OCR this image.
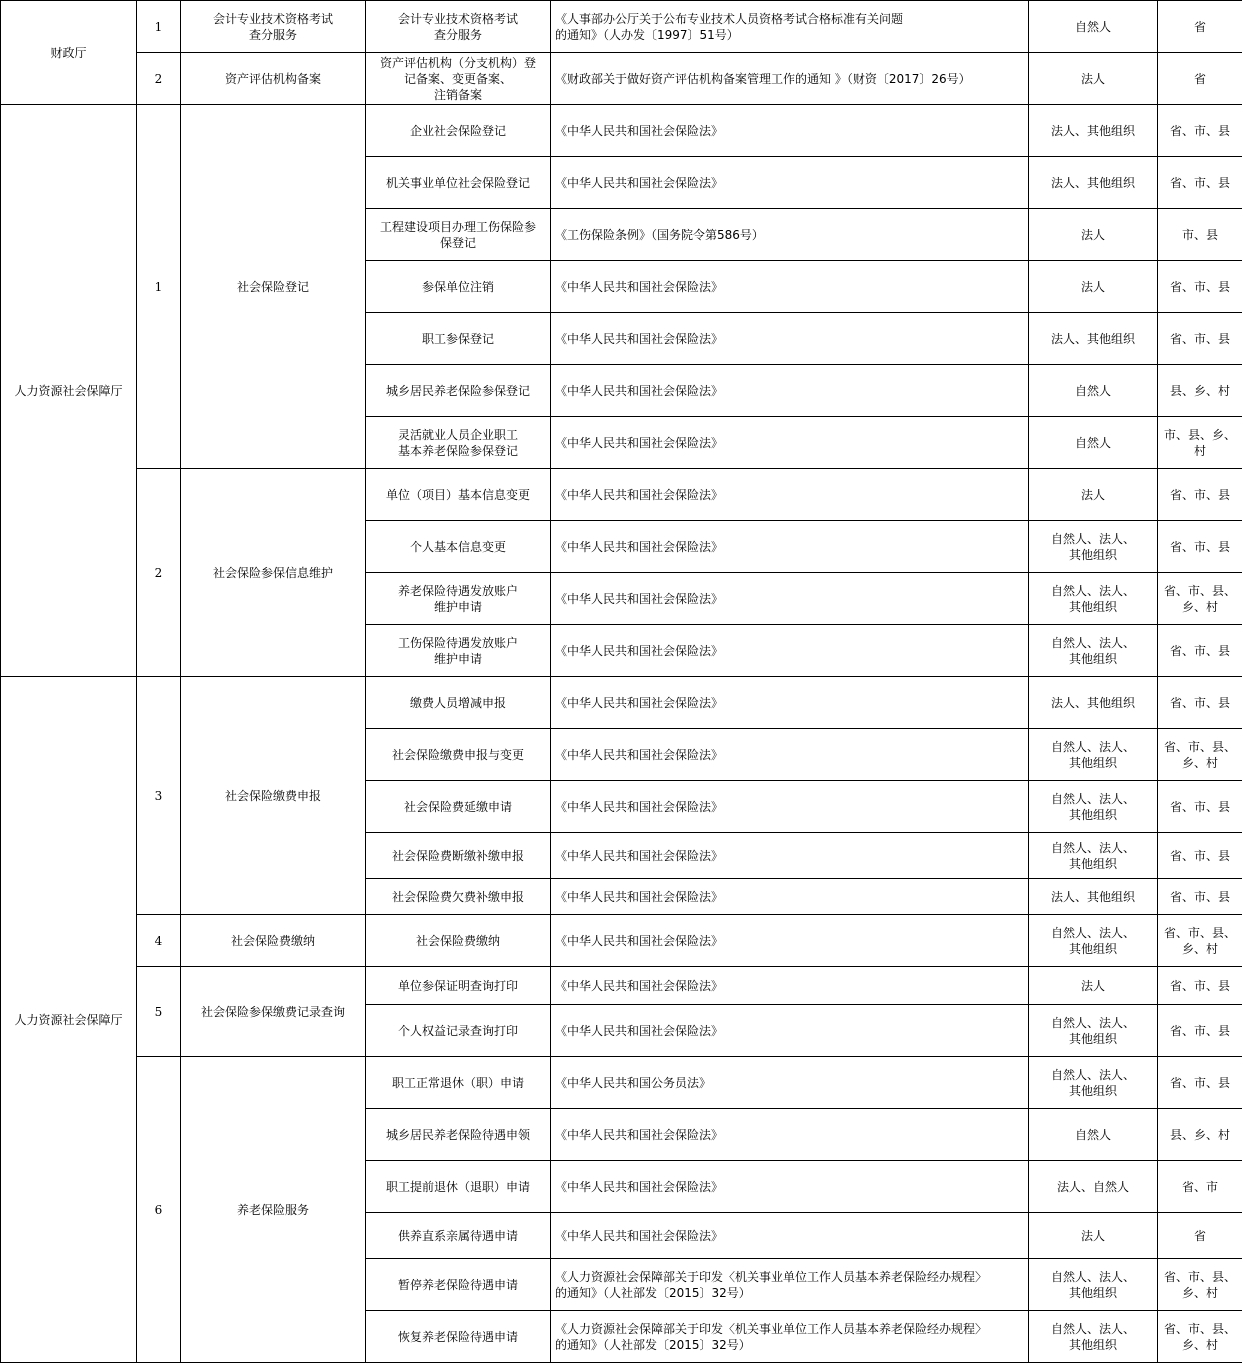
财政厅	1	会计专业技术资格考试
查分服务	会计专业技术资格考试
查分服务	《人事部办公厅关于公布专业技术人员资格考试合格标准有关问题
的通知》（人办发〔1997〕51号）	自然人	省
	2	资产评估机构备案	资产评估机构（分支机构）登
记备案、变更备案、
注销备案	《财政部关于做好资产评估机构备案管理工作的通知 》（财资〔2017〕26号）	法人	省
人力资源社会保障厅	1	社会保险登记	企业社会保险登记	《中华人民共和国社会保险法》	法人、其他组织	省、市、县
			机关事业单位社会保险登记	《中华人民共和国社会保险法》	法人、其他组织	省、市、县
			工程建设项目办理工伤保险参
保登记	《工伤保险条例》（国务院令第586号）	法人	市、县
			参保单位注销	《中华人民共和国社会保险法》	法人	省、市、县
			职工参保登记	《中华人民共和国社会保险法》	法人、其他组织	省、市、县
			城乡居民养老保险参保登记	《中华人民共和国社会保险法》	自然人	县、乡、村
			灵活就业人员企业职工
基本养老保险参保登记	《中华人民共和国社会保险法》	自然人	市、县、乡、
村
	2	社会保险参保信息维护	单位（项目）基本信息变更	《中华人民共和国社会保险法》	法人	省、市、县
			个人基本信息变更	《中华人民共和国社会保险法》	自然人、法人、
其他组织	省、市、县
			养老保险待遇发放账户
维护申请	《中华人民共和国社会保险法》	自然人、法人、
其他组织	省、市、县、
乡、村
			工伤保险待遇发放账户
维护申请	《中华人民共和国社会保险法》	自然人、法人、
其他组织	省、市、县
人力资源社会保障厅	3	社会保险缴费申报	缴费人员增减申报	《中华人民共和国社会保险法》	法人、其他组织	省、市、县
			社会保险缴费申报与变更	《中华人民共和国社会保险法》	自然人、法人、
其他组织	省、市、县、
乡、村
			社会保险费延缴申请	《中华人民共和国社会保险法》	自然人、法人、
其他组织	省、市、县
			社会保险费断缴补缴申报	《中华人民共和国社会保险法》	自然人、法人、
其他组织	省、市、县
			社会保险费欠费补缴申报	《中华人民共和国社会保险法》	法人、其他组织	省、市、县
	4	社会保险费缴纳	社会保险费缴纳	《中华人民共和国社会保险法》	自然人、法人、
其他组织	省、市、县、
乡、村
	5	社会保险参保缴费记录查询	单位参保证明查询打印	《中华人民共和国社会保险法》	法人	省、市、县
			个人权益记录查询打印	《中华人民共和国社会保险法》	自然人、法人、
其他组织	省、市、县
	6	养老保险服务	职工正常退休（职）申请	《中华人民共和国公务员法》	自然人、法人、
其他组织	省、市、县
			城乡居民养老保险待遇申领	《中华人民共和国社会保险法》	自然人	县、乡、村
			职工提前退休（退职）申请	《中华人民共和国社会保险法》	法人、自然人	省、市
			供养直系亲属待遇申请	《中华人民共和国社会保险法》	法人	省
			暂停养老保险待遇申请	《人力资源社会保障部关于印发〈机关事业单位工作人员基本养老保险经办规程〉
的通知》（人社部发〔2015〕32号）	自然人、法人、
其他组织	省、市、县、
乡、村
			恢复养老保险待遇申请	《人力资源社会保障部关于印发〈机关事业单位工作人员基本养老保险经办规程〉
的通知》（人社部发〔2015〕32号）	自然人、法人、
其他组织	省、市、县、
乡、村
